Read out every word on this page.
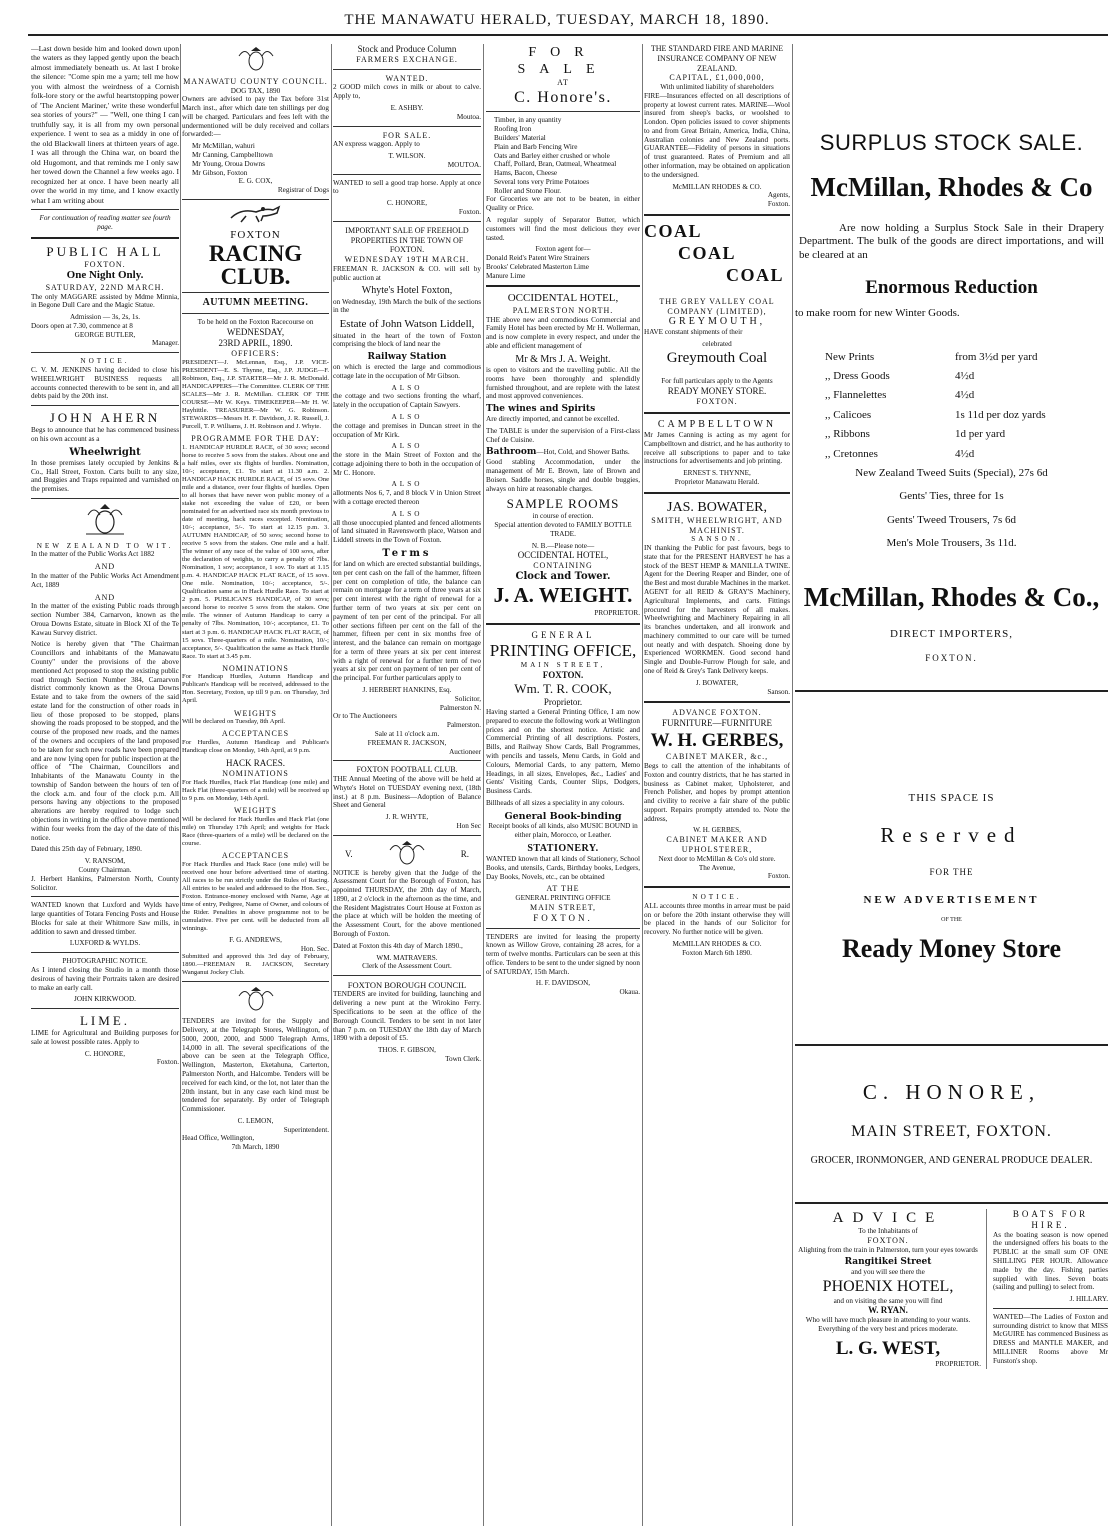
THE MANAWATU HERALD, TUESDAY, MARCH 18, 1890.

—Last down beside him and looked down upon the waters as they lapped gently upon the beach almost immediately beneath us. At last I broke the silence: "Come spin me a yarn; tell me how you with almost the weirdness of a Cornish folk-lore story or the awful heartstopping power of 'The Ancient Mariner,' write these wonderful sea stories of yours?" — "Well, one thing I can truthfully say, it is all from my own personal experience. I went to sea as a middy in one of the old Blackwall liners at thirteen years of age. I was all through the China war, on board the old Hugomont, and that reminds me I only saw her towed down the Channel a few weeks ago. I recognized her at once. I have been nearly all over the world in my time, and I know exactly what I am writing about

For continuation of reading matter see fourth page.

PUBLIC HALL
FOXTON.
One Night Only.
SATURDAY, 22ND MARCH.

The only MAGGARE assisted by Mdme Minnia, in Begone Dull Care and the Magic Statue.

Admission — 3s, 2s, 1s.
Doors open at 7.30, commence at 8
GEORGE BUTLER,
Manager.
NOTICE.

C. V. M. JENKINS having decided to close his WHEELWRIGHT BUSINESS requests all accounts connected therewith to be sent in, and all debts paid by the 20th inst.

JOHN AHERN

Begs to announce that he has commenced business on his own account as a

Wheelwright

In those premises lately occupied by Jenkins & Co., Hall Street, Foxton. Carts built to any size, and Buggies and Traps repainted and varnished on the premises.

NEW ZEALAND TO WIT.

In the matter of the Public Works Act 1882

AND

In the matter of the Public Works Act Amendment Act, 1889

AND

In the matter of the existing Public roads through section Number 384, Carnarvon, known as the Oroua Downs Estate, situate in Block XI of the Te Kawau Survey district.

Notice is hereby given that "The Chairman Councillors and inhabitants of the Manawatu County" under the provisions of the above mentioned Act proposed to stop the existing public road through Section Number 384, Carnarvon district commonly known as the Oroua Downs Estate and to take from the owners of the said estate land for the construction of other roads in lieu of those proposed to be stopped, plans showing the roads proposed to be stopped, and the course of the proposed new roads, and the names of the owners and occupiers of the land proposed to be taken for such new roads have been prepared and are now lying open for public inspection at the office of "The Chairman, Councillors and Inhabitants of the Manawatu County in the township of Sandon between the hours of ten of the clock a.m. and four of the clock p.m. All persons having any objections to the proposed alterations are hereby required to lodge such objections in writing in the office above mentioned within four weeks from the day of the date of this notice.

Dated this 25th day of February, 1890.

V. RANSOM,
County Chairman.

J. Herbert Hankins, Palmerston North, County Solicitor.

WANTED known that Luxford and Wylds have large quantities of Totara Fencing Posts and House Blocks for sale at their Whitmore Saw mills, in addition to sawn and dressed timber.

LUXFORD & WYLDS.
PHOTOGRAPHIC NOTICE.

As I intend closing the Studio in a month those desirous of having their Portraits taken are desired to make an early call.

JOHN KIRKWOOD.
LIME.

LIME for Agricultural and Building purposes for sale at lowest possible rates. Apply to

C. HONORE,
Foxton.
MANAWATU COUNTY COUNCIL.
DOG TAX, 1890

Owners are advised to pay the Tax before 31st March inst., after which date ten shillings per dog will be charged. Particulars and fees left with the undermentioned will be duly received and collars forwarded:—

Mr McMillan, wahuri
Mr Canning, Campbelltown
Mr Young, Oroua Downs
Mr Gibson, Foxton
E. G. COX,
Registrar of Dogs
FOXTON
RACING CLUB.
AUTUMN MEETING.
To be held on the Foxton Racecourse on
WEDNESDAY,
23RD APRIL, 1890.
OFFICERS:

PRESIDENT—J. McLennan, Esq., J.P. VICE-PRESIDENT—E. S. Thynne, Esq., J.P. JUDGE—F. Robinson, Esq., J.P. STARTER—Mr J. R. McDonald. HANDICAPPERS—The Committee. CLERK OF THE SCALES—Mr J. R. McMillan. CLERK OF THE COURSE—Mr W. Keys. TIMEKEEPER—Mr H. W. Hayhittle. TREASURER—Mr W. G. Robinson. STEWARDS—Messrs H. F. Davidson, J. R. Russell, J. Purcell, T. P. Williams, J. H. Robinson and J. Whyte.

PROGRAMME FOR THE DAY:

1. HANDICAP HURDLE RACE, of 30 sovs; second horse to receive 5 sovs from the stakes. About one and a half miles, over six flights of hurdles. Nomination, 10/-; acceptance, £1. To start at 11.30 a.m. 2. HANDICAP HACK HURDLE RACE, of 15 sovs. One mile and a distance, over four flights of hurdles. Open to all horses that have never won public money of a stake not exceeding the value of £20, or been nominated for an advertised race six month previous to date of meeting, hack races excepted. Nomination, 10/-; acceptance, 5/-. To start at 12.15 p.m. 3. AUTUMN HANDICAP, of 50 sovs; second horse to receive 5 sovs from the stakes. One mile and a half. The winner of any race of the value of 100 sovs, after the declaration of weights, to carry a penalty of 7lbs. Nomination, 1 sov; acceptance, 1 sov. To start at 1.15 p.m. 4. HANDICAP HACK FLAT RACE, of 15 sovs. One mile. Nomination, 10/-; acceptance, 5/-. Qualification same as in Hack Hurdle Race. To start at 2 p.m. 5. PUBLICAN'S HANDICAP, of 30 sovs; second horse to receive 5 sovs from the stakes. One mile. The winner of Autumn Handicap to carry a penalty of 7lbs. Nomination, 10/-; acceptance, £1. To start at 3 p.m. 6. HANDICAP HACK FLAT RACE, of 15 sovs. Three-quarters of a mile. Nomination, 10/-; acceptance, 5/-. Qualification the same as Hack Hurdle Race. To start at 3.45 p.m.

NOMINATIONS

For Handicap Hurdles, Autumn Handicap and Publican's Handicap will be received, addressed to the Hon. Secretary, Foxton, up till 9 p.m. on Thursday, 3rd April.

WEIGHTS

Will be declared on Tuesday, 8th April.

ACCEPTANCES

For Hurdles, Autumn Handicap and Publican's Handicap close on Monday, 14th April, at 9 p.m.

HACK RACES.
NOMINATIONS

For Hack Hurdles, Hack Flat Handicap (one mile) and Hack Flat (three-quarters of a mile) will be received up to 9 p.m. on Monday, 14th April.

WEIGHTS

Will be declared for Hack Hurdles and Hack Flat (one mile) on Thursday 17th April; and weights for Hack Race (three-quarters of a mile) will be declared on the course.

ACCEPTANCES

For Hack Hurdles and Hack Race (one mile) will be received one hour before advertised time of starting. All races to be run strictly under the Rules of Racing. All entries to be sealed and addressed to the Hon. Sec., Foxton. Entrance-money enclosed with Name, Age at time of entry, Pedigree, Name of Owner, and colours of the Rider. Penalties in above programme not to be cumulative. Five per cent. will be deducted from all winnings.

F. G. ANDREWS,
Hon. Sec.

Submitted and approved this 3rd day of February, 1890.—FREEMAN R. JACKSON, Secretary Wanganui Jockey Club.

TENDERS are invited for the Supply and Delivery, at the Telegraph Stores, Wellington, of 5000, 2000, 2000, and 5000 Telegraph Arms, 14,000 in all. The several specifications of the above can be seen at the Telegraph Office, Wellington, Masterton, Eketahuna, Carterton, Palmerston North, and Halcombe. Tenders will be received for each kind, or the lot, not later than the 20th instant, but in any case each kind must be tendered for separately. By order of Telegraph Commissioner.

C. LEMON,
Superintendent.
Head Office, Wellington,
7th March, 1890
Stock and Produce Column
FARMERS EXCHANGE.
WANTED.

2 GOOD milch cows in milk or about to calve. Apply to,

E. ASHBY.
Moutoa.
FOR SALE.

AN express waggon. Apply to

T. WILSON.
MOUTOA.

WANTED to sell a good trap horse. Apply at once to

C. HONORE,
Foxton.
IMPORTANT SALE OF FREEHOLD PROPERTIES IN THE TOWN OF FOXTON.
WEDNESDAY 19TH MARCH.

FREEMAN R. JACKSON & CO. will sell by public auction at

Whyte's Hotel Foxton,

on Wednesday, 19th March the bulk of the sections in the

Estate of John Watson Liddell,

situated in the heart of the town of Foxton comprising the block of land near the

Railway Station

on which is erected the large and commodious cottage late in the occupation of Mr Gibson.

ALSO

the cottage and two sections fronting the wharf, lately in the occupation of Captain Sawyers.

ALSO

the cottage and premises in Duncan street in the occupation of Mr Kirk.

ALSO

the store in the Main Street of Foxton and the cottage adjoining there to both in the occupation of Mr C. Honore.

ALSO

allotments Nos 6, 7, and 8 block V in Union Street with a cottage erected thereon

ALSO

all those unoccupied planted and fenced allotments of land situated in Ravensworth place, Watson and Liddell streets in the Town of Foxton.

Terms

for land on which are erected substantial buildings, ten per cent cash on the fall of the hammer, fifteen per cent on completion of title, the balance can remain on mortgage for a term of three years at six per cent interest with the right of renewal for a further term of two years at six per cent on payment of ten per cent of the principal. For all other sections fifteen per cent on the fall of the hammer, fifteen per cent in six months free of interest, and the balance can remain on mortgage for a term of three years at six per cent interest with a right of renewal for a further term of two years at six per cent on payment of ten per cent of the principal. For further particulars apply to

J. HERBERT HANKINS, Esq.
Solicitor,
Palmerston N.
Or to The Auctioneers
Palmerston.
Sale at 11 o'clock a.m.
FREEMAN R. JACKSON,
Auctioneer
FOXTON FOOTBALL CLUB.

THE Annual Meeting of the above will be held at Whyte's Hotel on TUESDAY evening next, (18th inst.) at 8 p.m. Business—Adoption of Balance Sheet and General

J. R. WHYTE,
Hon Sec
V.	R.

NOTICE is hereby given that the Judge of the Assessment Court for the Borough of Foxton, has appointed THURSDAY, the 20th day of March, 1890, at 2 o'clock in the afternoon as the time, and the Resident Magistrates Court House at Foxton as the place at which will be holden the meeting of the Assessment Court, for the above mentioned Borough of Foxton.

Dated at Foxton this 4th day of March 1890.,

WM. MATRAVERS.
Clerk of the Assessment Court.
FOXTON BOROUGH COUNCIL

TENDERS are invited for building, launching and delivering a new punt at the Wirokino Ferry. Specifications to be seen at the office of the Borough Council. Tenders to be sent in not later than 7 p.m. on TUESDAY the 18th day of March 1890 with a deposit of £5.

THOS. F. GIBSON,
Town Clerk.
FOR SALE
AT
C. Honore's.
Timber, in any quantity
Roofing Iron
Builders' Material
Plain and Barb Fencing Wire
Oats and Barley either crushed or whole
Chaff, Pollard, Bran, Oatmeal, Wheatmeal
Hams, Bacon, Cheese
Several tons very Prime Potatoes
Roller and Stone Flour.

For Groceries we are not to be beaten, in either Quality or Price.

A regular supply of Separator Butter, which customers will find the most delicious they ever tasted.

Foxton agent for—
Donald Reid's Patent Wire Strainers
Brooks' Celebrated Masterton Lime
Manure Lime
OCCIDENTAL HOTEL,
PALMERSTON NORTH.

THE above new and commodious Commercial and Family Hotel has been erected by Mr H. Wollerman, and is now complete in every respect, and under the able and efficient management of

Mr & Mrs J. A. Weight.

is open to visitors and the travelling public. All the rooms have been thoroughly and splendidly furnished throughout, and are replete with the latest and most approved conveniences.

The wines and Spirits

Are directly imported, and cannot be excelled.

The TABLE is under the supervision of a First-class Chef de Cuisine.

Bathroom—Hot, Cold, and Shower Baths.

Good stabling Accommodation, under the management of Mr E. Brown, late of Brown and Boisen. Saddle horses, single and double buggies, always on hire at reasonable charges.

SAMPLE ROOMS
in course of erection.

Special attention devoted to FAMILY BOTTLE TRADE.

N. B.—Please note—
OCCIDENTAL HOTEL,
CONTAINING
Clock and Tower.
J. A. WEIGHT.
PROPRIETOR.
GENERAL
PRINTING OFFICE,
MAIN STREET,
FOXTON.
Wm. T. R. COOK,
Proprietor.

Having started a General Printing Office, I am now prepared to execute the following work at Wellington prices and on the shortest notice. Artistic and Commercial Printing of all descriptions. Posters, Bills, and Railway Show Cards, Ball Programmes, with pencils and tassels, Menu Cards, in Gold and Colours, Memorial Cards, to any pattern, Memo Headings, in all sizes, Envelopes, &c., Ladies' and Gents' Visiting Cards, Counter Slips, Dodgers, Business Cards.

Billheads of all sizes a speciality in any colours.

General Book-binding

Receipt books of all kinds, also MUSIC BOUND in either plain, Morocco, or Leather.

STATIONERY.

WANTED known that all kinds of Stationery, School Books, and utensils, Cards, Birthday books, Ledgers, Day Books, Novels, etc., can be obtained

AT THE
GENERAL PRINTING OFFICE
MAIN STREET,
FOXTON.

TENDERS are invited for leasing the property known as Willow Grove, containing 28 acres, for a term of twelve months. Particulars can be seen at this office. Tenders to be sent to the under signed by noon of SATURDAY, 15th March.

H. F. DAVIDSON,
Okaua.
THE STANDARD FIRE AND MARINE INSURANCE COMPANY OF NEW ZEALAND.
CAPITAL, £1,000,000,
With unlimited liability of shareholders

FIRE—Insurances effected on all descriptions of property at lowest current rates. MARINE—Wool insured from sheep's backs, or woolshed to London. Open policies issued to cover shipments to and from Great Britain, America, India, China, Australian colonies and New Zealand ports. GUARANTEE—Fidelity of persons in situations of trust guaranteed. Rates of Premium and all other information, may be obtained on application to the undersigned.

McMILLAN RHODES & CO.
Agents,
Foxton.
COAL
COAL
COAL
THE GREY VALLEY COAL COMPANY (LIMITED),
GREYMOUTH,

HAVE constant shipments of their

celebrated
Greymouth Coal
For full particulars apply to the Agents
READY MONEY STORE.
FOXTON.
CAMPBELLTOWN

Mr James Canning is acting as my agent for Campbelltown and district, and he has authority to receive all subscriptions to paper and to take instructions for advertisements and job printing.

ERNEST S. THYNNE,
Proprietor Manawatu Herald.
JAS. BOWATER,
SMITH, WHEELWRIGHT, AND MACHINIST.
SANSON.

IN thanking the Public for past favours, begs to state that for the PRESENT HARVEST he has a stock of the BEST HEMP & MANILLA TWINE. Agent for the Deering Reaper and Binder, one of the Best and most durable Machines in the market. AGENT for all REID & GRAY'S Machinery, Agricultural Implements, and carts. Fittings procured for the harvesters of all makes. Wheelwrighting and Machinery Repairing in all its branches undertaken, and all ironwork and machinery committed to our care will be turned out neatly and with despatch. Shoeing done by Experienced WORKMEN. Good second hand Single and Double-Furrow Plough for sale, and one of Reid & Grey's Tank Delivery keeps.

J. BOWATER,
Sanson.
ADVANCE FOXTON.
FURNITURE—FURNITURE
W. H. GERBES,
CABINET MAKER, &c.,

Begs to call the attention of the inhabitants of Foxton and country districts, that he has started in business as Cabinet maker, Upholsterer, and French Polisher, and hopes by prompt attention and civility to receive a fair share of the public support. Repairs promptly attended to. Note the address,

W. H. GERBES,
CABINET MAKER AND UPHOLSTERER,
Next door to McMillan & Co's old store.
The Avenue,
Foxton.
NOTICE.

ALL accounts three months in arrear must be paid on or before the 20th instant otherwise they will be placed in the hands of our Solicitor for recovery. No further notice will be given.

McMILLAN RHODES & CO.
Foxton March 6th 1890.
SURPLUS STOCK SALE.
McMillan, Rhodes & Co

Are now holding a Surplus Stock Sale in their Drapery Department. The bulk of the goods are direct importations, and will be cleared at an

Enormous Reduction
to make room for new Winter Goods.
New Prints	from 3½d per yard
,, Dress Goods	4½d
,, Flannelettes	4½d
,, Calicoes	1s 11d per doz yards
,, Ribbons	1d per yard
,, Cretonnes	4½d
New Zealand Tweed Suits (Special), 27s 6d
Gents' Ties, three for 1s
Gents' Tweed Trousers, 7s 6d
Men's Mole Trousers, 3s 11d.
McMillan, Rhodes & Co.,
DIRECT IMPORTERS,
FOXTON.
THIS SPACE IS
Reserved
FOR THE
NEW ADVERTISEMENT
OF THE
Ready Money Store
C. HONORE,
MAIN STREET, FOXTON.
GROCER, IRONMONGER, AND GENERAL PRODUCE DEALER.
ADVICE
To the Inhabitants of
FOXTON.

Alighting from the train in Palmerston, turn your eyes towards

Rangitikei Street
and you will see there the
PHOENIX HOTEL,
and on visiting the same you will find
W. RYAN.

Who will have much pleasure in attending to your wants. Everything of the very best and prices moderate.

L. G. WEST,
PROPRIETOR.
BOATS FOR HIRE.

As the boating season is now opened the undersigned offers his boats to the PUBLIC at the small sum OF ONE SHILLING PER HOUR. Allowance made by the day. Fishing parties supplied with lines. Seven boats (sailing and pulling) to select from.

J. HILLARY.

WANTED—The Ladies of Foxton and surrounding district to know that MISS McGUIRE has commenced Business as DRESS and MANTLE MAKER, and MILLINER Rooms above Mr Funston's shop.
